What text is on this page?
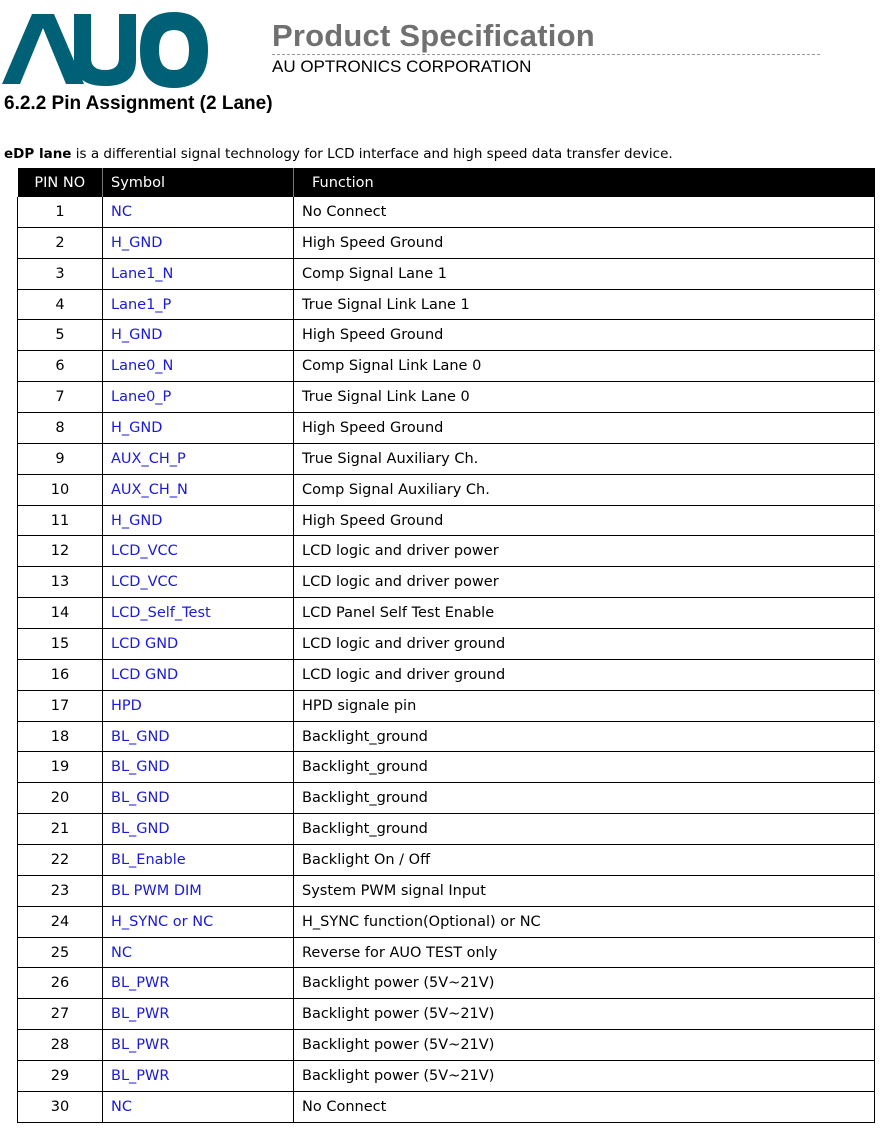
Product Specification
AU OPTRONICS CORPORATION
6.2.2 Pin Assignment (2 Lane)
eDP lane is a differential signal technology for LCD interface and high speed data transfer device.
PIN NO	Symbol	Function
1	NC	No Connect
2	H_GND	High Speed Ground
3	Lane1_N	Comp Signal Lane 1
4	Lane1_P	True Signal Link Lane 1
5	H_GND	High Speed Ground
6	Lane0_N	Comp Signal Link Lane 0
7	Lane0_P	True Signal Link Lane 0
8	H_GND	High Speed Ground
9	AUX_CH_P	True Signal Auxiliary Ch.
10	AUX_CH_N	Comp Signal Auxiliary Ch.
11	H_GND	High Speed Ground
12	LCD_VCC	LCD logic and driver power
13	LCD_VCC	LCD logic and driver power
14	LCD_Self_Test	LCD Panel Self Test Enable
15	LCD GND	LCD logic and driver ground
16	LCD GND	LCD logic and driver ground
17	HPD	HPD signale pin
18	BL_GND	Backlight_ground
19	BL_GND	Backlight_ground
20	BL_GND	Backlight_ground
21	BL_GND	Backlight_ground
22	BL_Enable	Backlight On / Off
23	BL PWM DIM	System PWM signal Input
24	H_SYNC or NC	H_SYNC function(Optional) or NC
25	NC	Reverse for AUO TEST only
26	BL_PWR	Backlight power (5V~21V)
27	BL_PWR	Backlight power (5V~21V)
28	BL_PWR	Backlight power (5V~21V)
29	BL_PWR	Backlight power (5V~21V)
30	NC	No Connect
